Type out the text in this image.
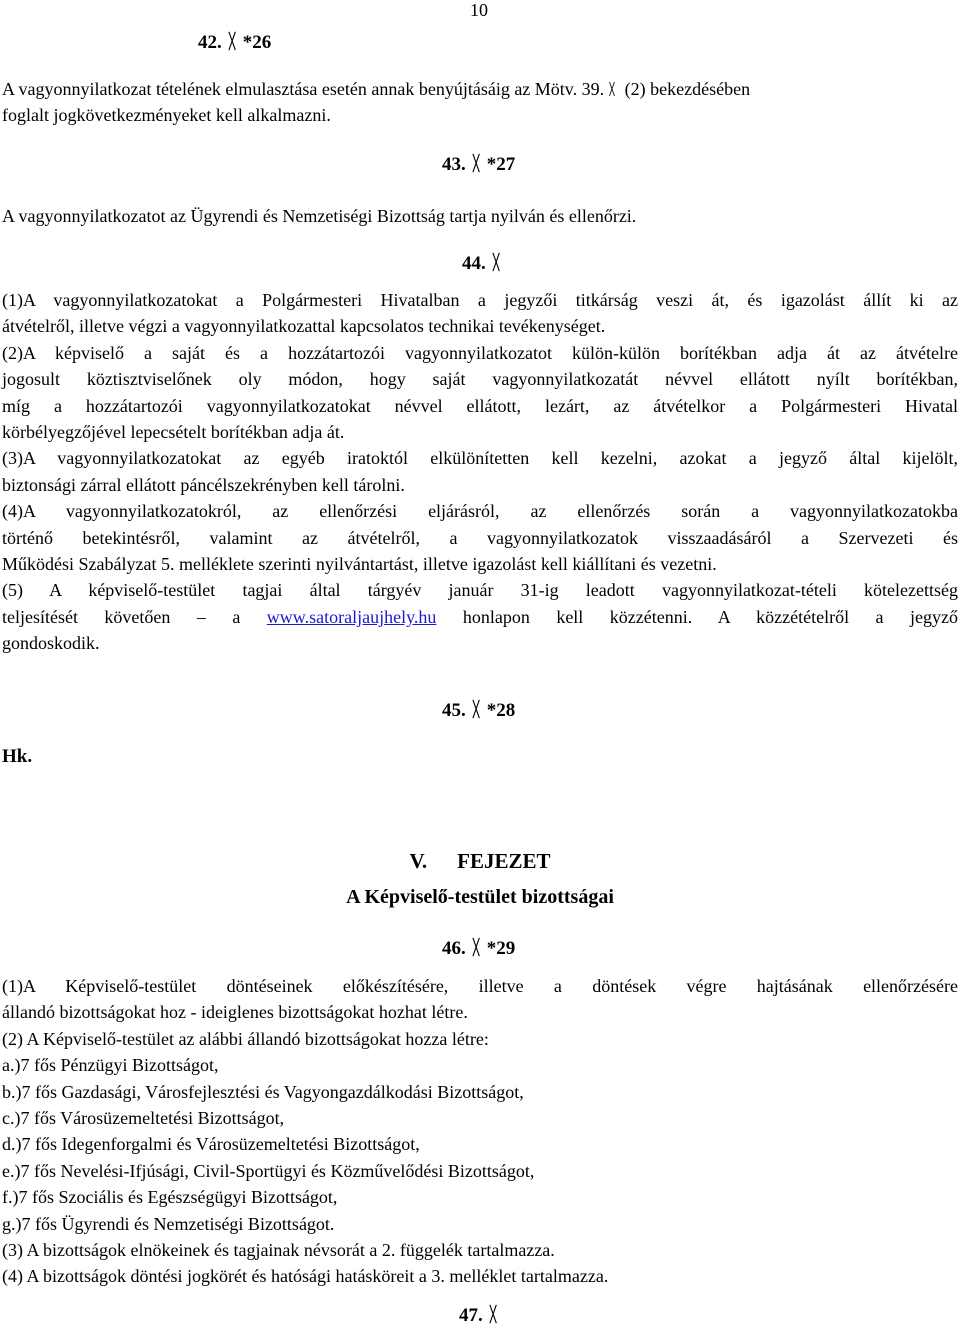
10
42. *26
A vagyonnyilatkozat tételének elmulasztása esetén annak benyújtásáig az Mötv. 39. (2) bekezdésében
foglalt jogkövetkezményeket kell alkalmazni.
43. *27
A vagyonnyilatkozatot az Ügyrendi és Nemzetiségi Bizottság tartja nyilván és ellenőrzi.
44.
(1)A vagyonnyilatkozatokat a Polgármesteri Hivatalban a jegyzői titkárság veszi át, és igazolást állít ki az
átvételről, illetve végzi a vagyonnyilatkozattal kapcsolatos technikai tevékenységet.
(2)A képviselő a saját és a hozzátartozói vagyonnyilatkozatot külön-külön borítékban adja át az átvételre
jogosult köztisztviselőnek oly módon, hogy saját vagyonnyilatkozatát névvel ellátott nyílt borítékban,
míg a hozzátartozói vagyonnyilatkozatokat névvel ellátott, lezárt, az átvételkor a Polgármesteri Hivatal
körbélyegzőjével lepecsételt borítékban adja át.
(3)A vagyonnyilatkozatokat az egyéb iratoktól elkülönítetten kell kezelni, azokat a jegyző által kijelölt,
biztonsági zárral ellátott páncélszekrényben kell tárolni.
(4)A vagyonnyilatkozatokról, az ellenőrzési eljárásról, az ellenőrzés során a vagyonnyilatkozatokba
történő betekintésről, valamint az átvételről, a vagyonnyilatkozatok visszaadásáról a Szervezeti és
Működési Szabályzat 5. melléklete szerinti nyilvántartást, illetve igazolást kell kiállítani és vezetni.
(5) A képviselő-testület tagjai által tárgyév január 31-ig leadott vagyonnyilatkozat-tételi kötelezettség
teljesítését követően – a www.satoraljaujhely.hu honlapon kell közzétenni. A közzétételről a jegyző
gondoskodik.
45. *28
Hk.
V. FEJEZET
A Képviselő-testület bizottságai
46. *29
(1)A Képviselő-testület döntéseinek előkészítésére, illetve a döntések végre hajtásának ellenőrzésére
állandó bizottságokat hoz - ideiglenes bizottságokat hozhat létre.
(2) A Képviselő-testület az alábbi állandó bizottságokat hozza létre:
a.)7 fős Pénzügyi Bizottságot,
b.)7 fős Gazdasági, Városfejlesztési és Vagyongazdálkodási Bizottságot,
c.)7 fős Városüzemeltetési Bizottságot,
d.)7 fős Idegenforgalmi és Városüzemeltetési Bizottságot,
e.)7 fős Nevelési-Ifjúsági, Civil-Sportügyi és Közművelődési Bizottságot,
f.)7 fős Szociális és Egészségügyi Bizottságot,
g.)7 fős Ügyrendi és Nemzetiségi Bizottságot.
(3) A bizottságok elnökeinek és tagjainak névsorát a 2. függelék tartalmazza.
(4) A bizottságok döntési jogkörét és hatósági hatásköreit a 3. melléklet tartalmazza.
47.
